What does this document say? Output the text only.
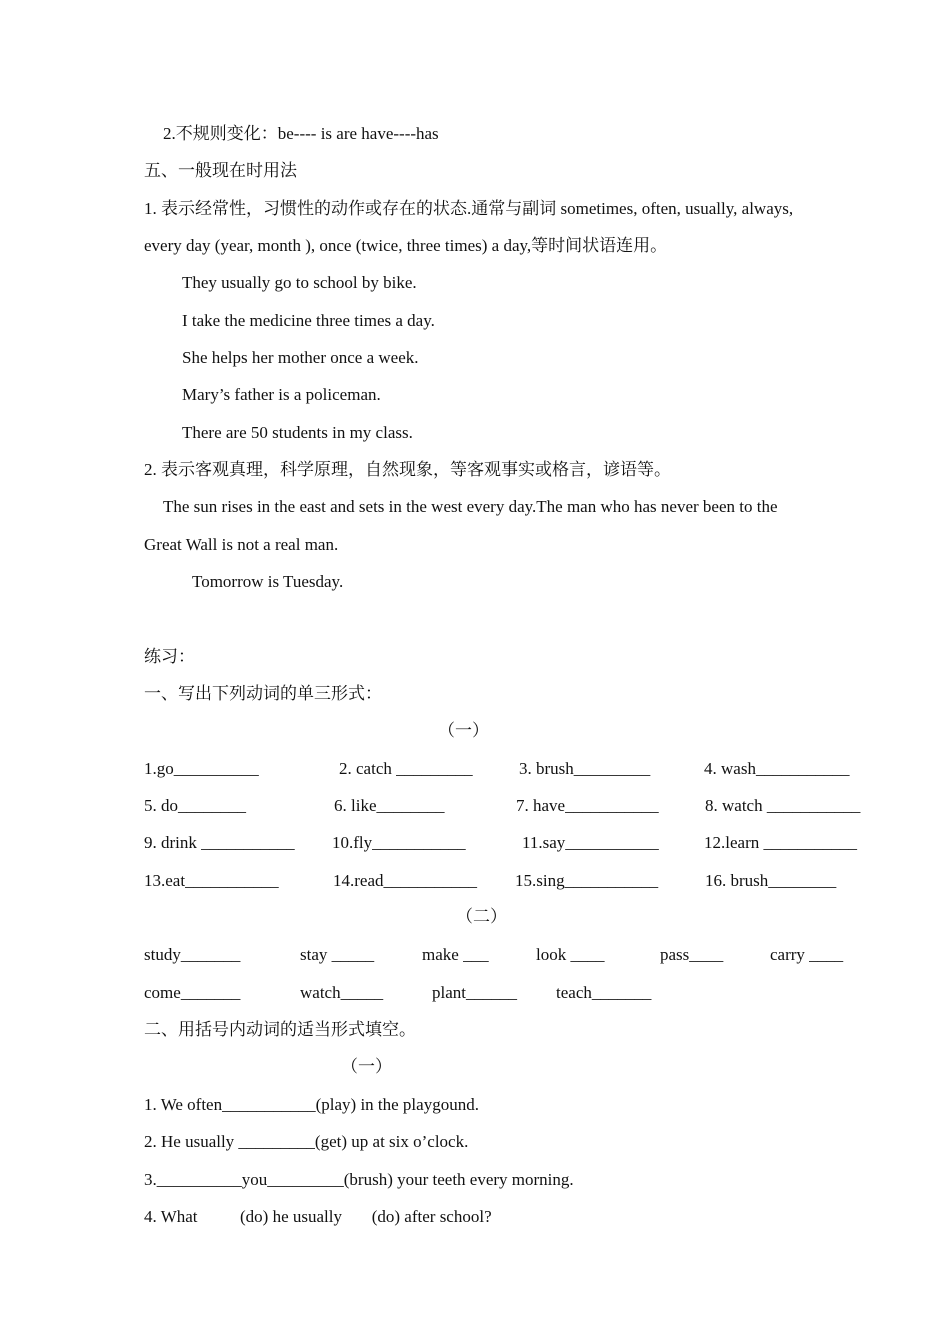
2.不规则变化：be---- is are have----has
五、一般现在时用法
1. 表示经常性，习惯性的动作或存在的状态.通常与副词 sometimes, often, usually, always,
every day (year, month ), once (twice, three times) a day,等时间状语连用。
They usually go to school by bike.
I take the medicine three times a day.
She helps her mother once a week.
Mary’s father is a policeman.
There are 50 students in my class.
2. 表示客观真理，科学原理，自然现象，等客观事实或格言，谚语等。
The sun rises in the east and sets in the west every day.The man who has never been to the
Great Wall is not a real man.
Tomorrow is Tuesday.
练习：
一、写出下列动词的单三形式：
（一）
1.go__________	2. catch _________	3. brush_________	4. wash___________
5. do________	6. like________	7. have___________	8. watch ___________
9. drink ___________ 10.fly___________	11.say___________	12.learn ___________
13.eat___________	14.read___________ 15.sing___________	16. brush________
（二）
study_______	stay _____	make ___	look ____	pass____	carry ____
come_______	watch_____	plant______ teach_______
二、用括号内动词的适当形式填空。
（一）
1. We often___________(play) in the playgound.
2. He usually _________(get) up at six o’clock.
3.__________you_________(brush) your teeth every morning.
4. What          (do) he usually       (do) after school?
